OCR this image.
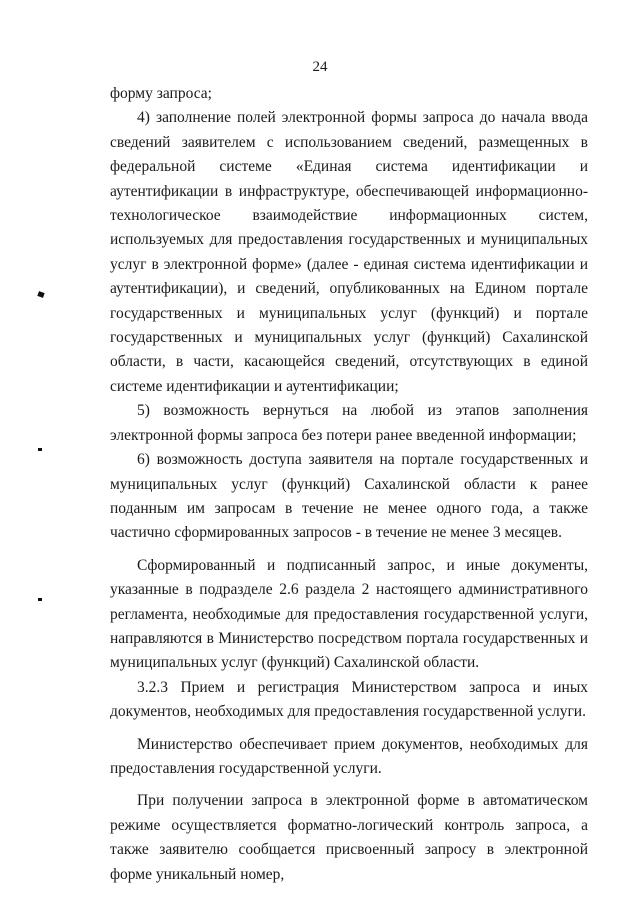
24

форму запроса;

4) заполнение полей электронной формы запроса до начала ввода сведений заявителем с использованием сведений, размещенных в федеральной системе «Единая система идентификации и аутентификации в инфраструктуре, обеспечивающей информационно-технологическое взаимодействие информационных систем, используемых для предоставления государственных и муниципальных услуг в электронной форме» (далее - единая система идентификации и аутентификации), и сведений, опубликованных на Едином портале государственных и муниципальных услуг (функций) и портале государственных и муниципальных услуг (функций) Сахалинской области, в части, касающейся сведений, отсутствующих в единой системе идентификации и аутентификации;

5) возможность вернуться на любой из этапов заполнения электронной формы запроса без потери ранее введенной информации;

6) возможность доступа заявителя на портале государственных и муниципальных услуг (функций) Сахалинской области к ранее поданным им запросам в течение не менее одного года, а также частично сформированных запросов - в течение не менее 3 месяцев.

Сформированный и подписанный запрос, и иные документы, указанные в подразделе 2.6 раздела 2 настоящего административного регламента, необходимые для предоставления государственной услуги, направляются в Министерство посредством портала государственных и муниципальных услуг (функций) Сахалинской области.

3.2.3 Прием и регистрация Министерством запроса и иных документов, необходимых для предоставления государственной услуги.

Министерство обеспечивает прием документов, необходимых для предоставления государственной услуги.

При получении запроса в электронной форме в автоматическом режиме осуществляется форматно-логический контроль запроса, а также заявителю сообщается присвоенный запросу в электронной форме уникальный номер,
